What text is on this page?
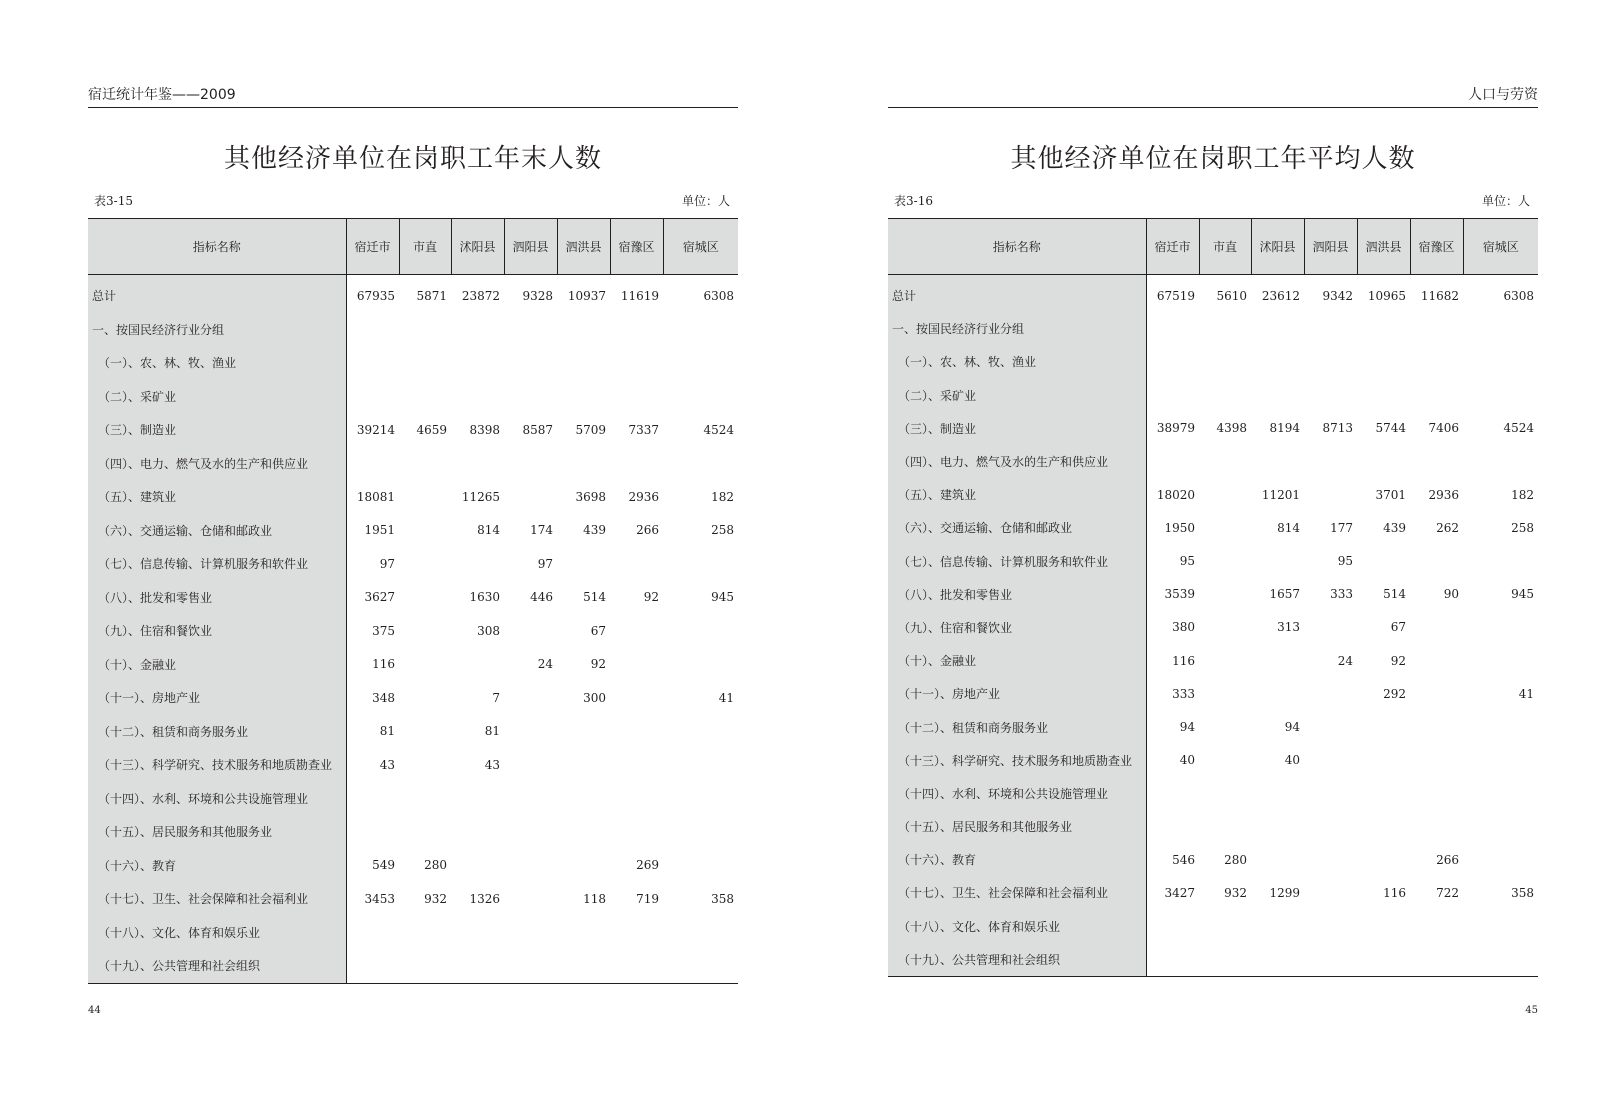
宿迁统计年鉴——2009
其他经济单位在岗职工年末人数
表3-15	单位：人
指标名称	宿迁市	市直	沭阳县	泗阳县	泗洪县	宿豫区	宿城区
总计	67935	5871	23872	9328	10937	11619	6308
一、按国民经济行业分组							
（一）、农、林、牧、渔业							
（二）、采矿业							
（三）、制造业	39214	4659	8398	8587	5709	7337	4524
（四）、电力、燃气及水的生产和供应业							
（五）、建筑业	18081		11265		3698	2936	182
（六）、交通运输、仓储和邮政业	1951		814	174	439	266	258
（七）、信息传输、计算机服务和软件业	97			97			
（八）、批发和零售业	3627		1630	446	514	92	945
（九）、住宿和餐饮业	375		308		67		
（十）、金融业	116			24	92		
（十一）、房地产业	348		7		300		41
（十二）、租赁和商务服务业	81		81				
（十三）、科学研究、技术服务和地质勘查业	43		43				
（十四）、水利、环境和公共设施管理业							
（十五）、居民服务和其他服务业							
（十六）、教育	549	280				269	
（十七）、卫生、社会保障和社会福利业	3453	932	1326		118	719	358
（十八）、文化、体育和娱乐业							
（十九）、公共管理和社会组织							
44
人口与劳资
其他经济单位在岗职工年平均人数
表3-16	单位：人
指标名称	宿迁市	市直	沭阳县	泗阳县	泗洪县	宿豫区	宿城区
总计	67519	5610	23612	9342	10965	11682	6308
一、按国民经济行业分组							
（一）、农、林、牧、渔业							
（二）、采矿业							
（三）、制造业	38979	4398	8194	8713	5744	7406	4524
（四）、电力、燃气及水的生产和供应业							
（五）、建筑业	18020		11201		3701	2936	182
（六）、交通运输、仓储和邮政业	1950		814	177	439	262	258
（七）、信息传输、计算机服务和软件业	95			95			
（八）、批发和零售业	3539		1657	333	514	90	945
（九）、住宿和餐饮业	380		313		67		
（十）、金融业	116			24	92		
（十一）、房地产业	333				292		41
（十二）、租赁和商务服务业	94		94				
（十三）、科学研究、技术服务和地质勘查业	40		40				
（十四）、水利、环境和公共设施管理业							
（十五）、居民服务和其他服务业							
（十六）、教育	546	280				266	
（十七）、卫生、社会保障和社会福利业	3427	932	1299		116	722	358
（十八）、文化、体育和娱乐业							
（十九）、公共管理和社会组织							
45
